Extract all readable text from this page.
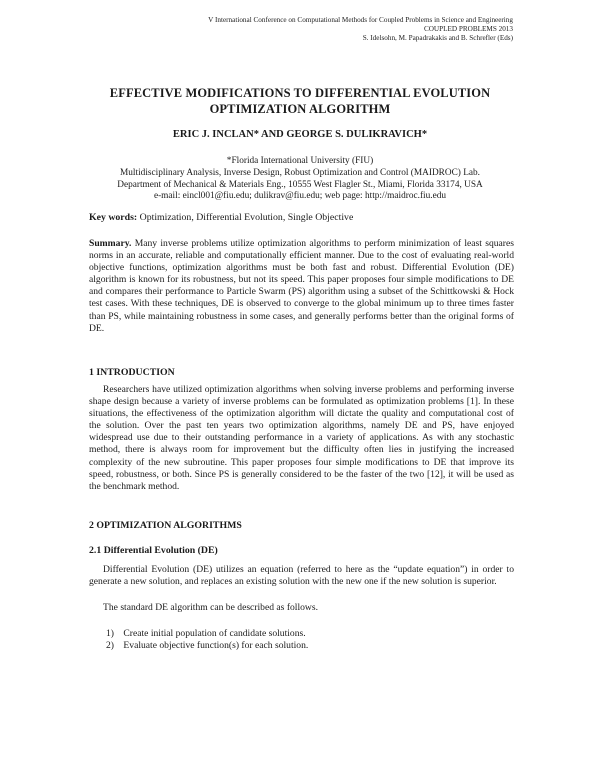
V International Conference on Computational Methods for Coupled Problems in Science and Engineering
COUPLED PROBLEMS 2013
S. Idelsohn, M. Papadrakakis and B. Schrefler (Eds)
EFFECTIVE MODIFICATIONS TO DIFFERENTIAL EVOLUTION
OPTIMIZATION ALGORITHM
ERIC J. INCLAN* AND GEORGE S. DULIKRAVICH*
*Florida International University (FIU)
Multidisciplinary Analysis, Inverse Design, Robust Optimization and Control (MAIDROC) Lab.
Department of Mechanical & Materials Eng., 10555 West Flagler St., Miami, Florida 33174, USA
e-mail: eincl001@fiu.edu; dulikrav@fiu.edu; web page: http://maidroc.fiu.edu
Key words: Optimization, Differential Evolution, Single Objective

Summary. Many inverse problems utilize optimization algorithms to perform minimization of least squares norms in an accurate, reliable and computationally efficient manner. Due to the cost of evaluating real-world objective functions, optimization algorithms must be both fast and robust. Differential Evolution (DE) algorithm is known for its robustness, but not its speed. This paper proposes four simple modifications to DE and compares their performance to Particle Swarm (PS) algorithm using a subset of the Schittkowski & Hock test cases. With these techniques, DE is observed to converge to the global minimum up to three times faster than PS, while maintaining robustness in some cases, and generally performs better than the original forms of DE.

1 INTRODUCTION

Researchers have utilized optimization algorithms when solving inverse problems and performing inverse shape design because a variety of inverse problems can be formulated as optimization problems [1]. In these situations, the effectiveness of the optimization algorithm will dictate the quality and computational cost of the solution. Over the past ten years two optimization algorithms, namely DE and PS, have enjoyed widespread use due to their outstanding performance in a variety of applications. As with any stochastic method, there is always room for improvement but the difficulty often lies in justifying the increased complexity of the new subroutine. This paper proposes four simple modifications to DE that improve its speed, robustness, or both. Since PS is generally considered to be the faster of the two [12], it will be used as the benchmark method.

2 OPTIMIZATION ALGORITHMS
2.1 Differential Evolution (DE)

Differential Evolution (DE) utilizes an equation (referred to here as the “update equation”) in order to generate a new solution, and replaces an existing solution with the new one if the new solution is superior.

The standard DE algorithm can be described as follows.

1) Create initial population of candidate solutions.
2) Evaluate objective function(s) for each solution.
